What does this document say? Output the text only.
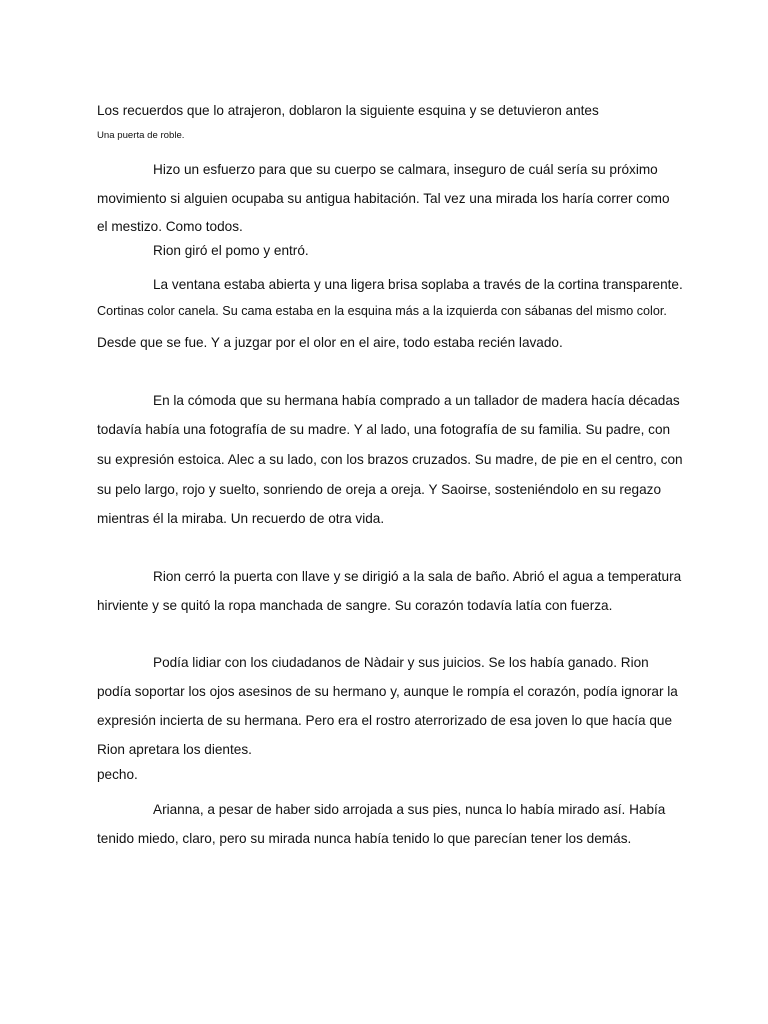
Los recuerdos que lo atrajeron, doblaron la siguiente esquina y se detuvieron antes
Una puerta de roble.
Hizo un esfuerzo para que su cuerpo se calmara, inseguro de cuál sería su próximo
movimiento si alguien ocupaba su antigua habitación. Tal vez una mirada los haría correr como
el mestizo. Como todos.
Rion giró el pomo y entró.
La ventana estaba abierta y una ligera brisa soplaba a través de la cortina transparente.
Cortinas color canela. Su cama estaba en la esquina más a la izquierda con sábanas del mismo color.
Desde que se fue. Y a juzgar por el olor en el aire, todo estaba recién lavado.
En la cómoda que su hermana había comprado a un tallador de madera hacía décadas
todavía había una fotografía de su madre. Y al lado, una fotografía de su familia. Su padre, con
su expresión estoica. Alec a su lado, con los brazos cruzados. Su madre, de pie en el centro, con
su pelo largo, rojo y suelto, sonriendo de oreja a oreja. Y Saoirse, sosteniéndolo en su regazo
mientras él la miraba. Un recuerdo de otra vida.
Rion cerró la puerta con llave y se dirigió a la sala de baño. Abrió el agua a temperatura
hirviente y se quitó la ropa manchada de sangre. Su corazón todavía latía con fuerza.
Podía lidiar con los ciudadanos de Nàdair y sus juicios. Se los había ganado. Rion
podía soportar los ojos asesinos de su hermano y, aunque le rompía el corazón, podía ignorar la
expresión incierta de su hermana. Pero era el rostro aterrorizado de esa joven lo que hacía que
Rion apretara los dientes.
pecho.
Arianna, a pesar de haber sido arrojada a sus pies, nunca lo había mirado así. Había
tenido miedo, claro, pero su mirada nunca había tenido lo que parecían tener los demás.
